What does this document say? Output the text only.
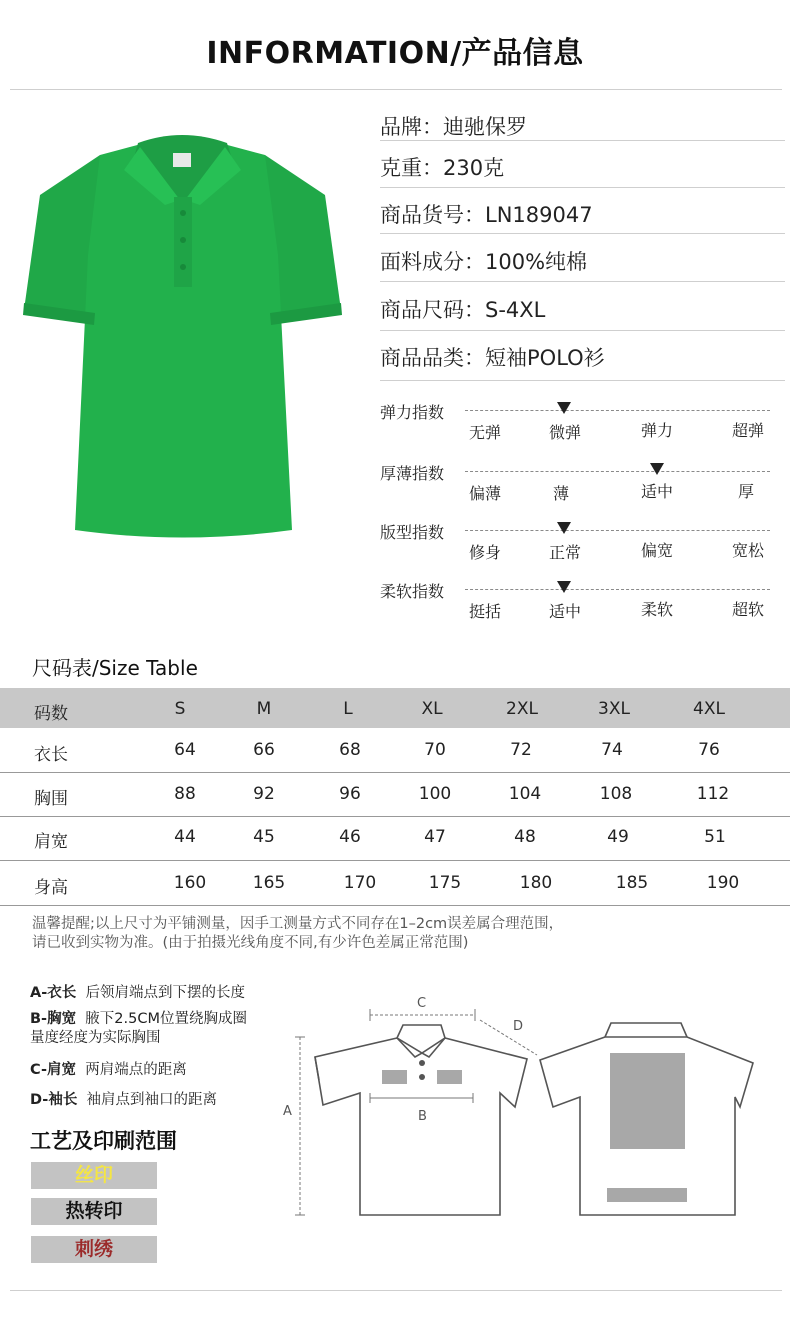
INFORMATION/产品信息
品牌：迪驰保罗
克重：230克
商品货号：LN189047
面料成分：100%纯棉
商品尺码：S-4XL
商品品类：短袖POLO衫
弹力指数
无弹	微弹	弹力	超弹
厚薄指数
偏薄	薄	适中	厚
版型指数
修身	正常	偏宽	宽松
柔软指数
挺括	适中	柔软	超软
尺码表/Size Table
码数	S	M	L	XL	2XL	3XL	4XL
衣长	64	66	68	70	72	74	76
胸围	88	92	96	100	104	108	112
肩宽	44	45	46	47	48	49	51
身高	160	165	170	175	180	185	190
温馨提醒;以上尺寸为平铺测量，因手工测量方式不同存在1–2cm误差属合理范围，
请已收到实物为准。(由于拍摄光线角度不同,有少许色差属正常范围)
A-衣长 后领肩端点到下摆的长度
B-胸宽 腋下2.5CM位置绕胸成圈
量度经度为实际胸围
C-肩宽 两肩端点的距离
D-袖长 袖肩点到袖口的距离
工艺及印刷范围
丝印
热转印
刺绣
A	B
C
D
